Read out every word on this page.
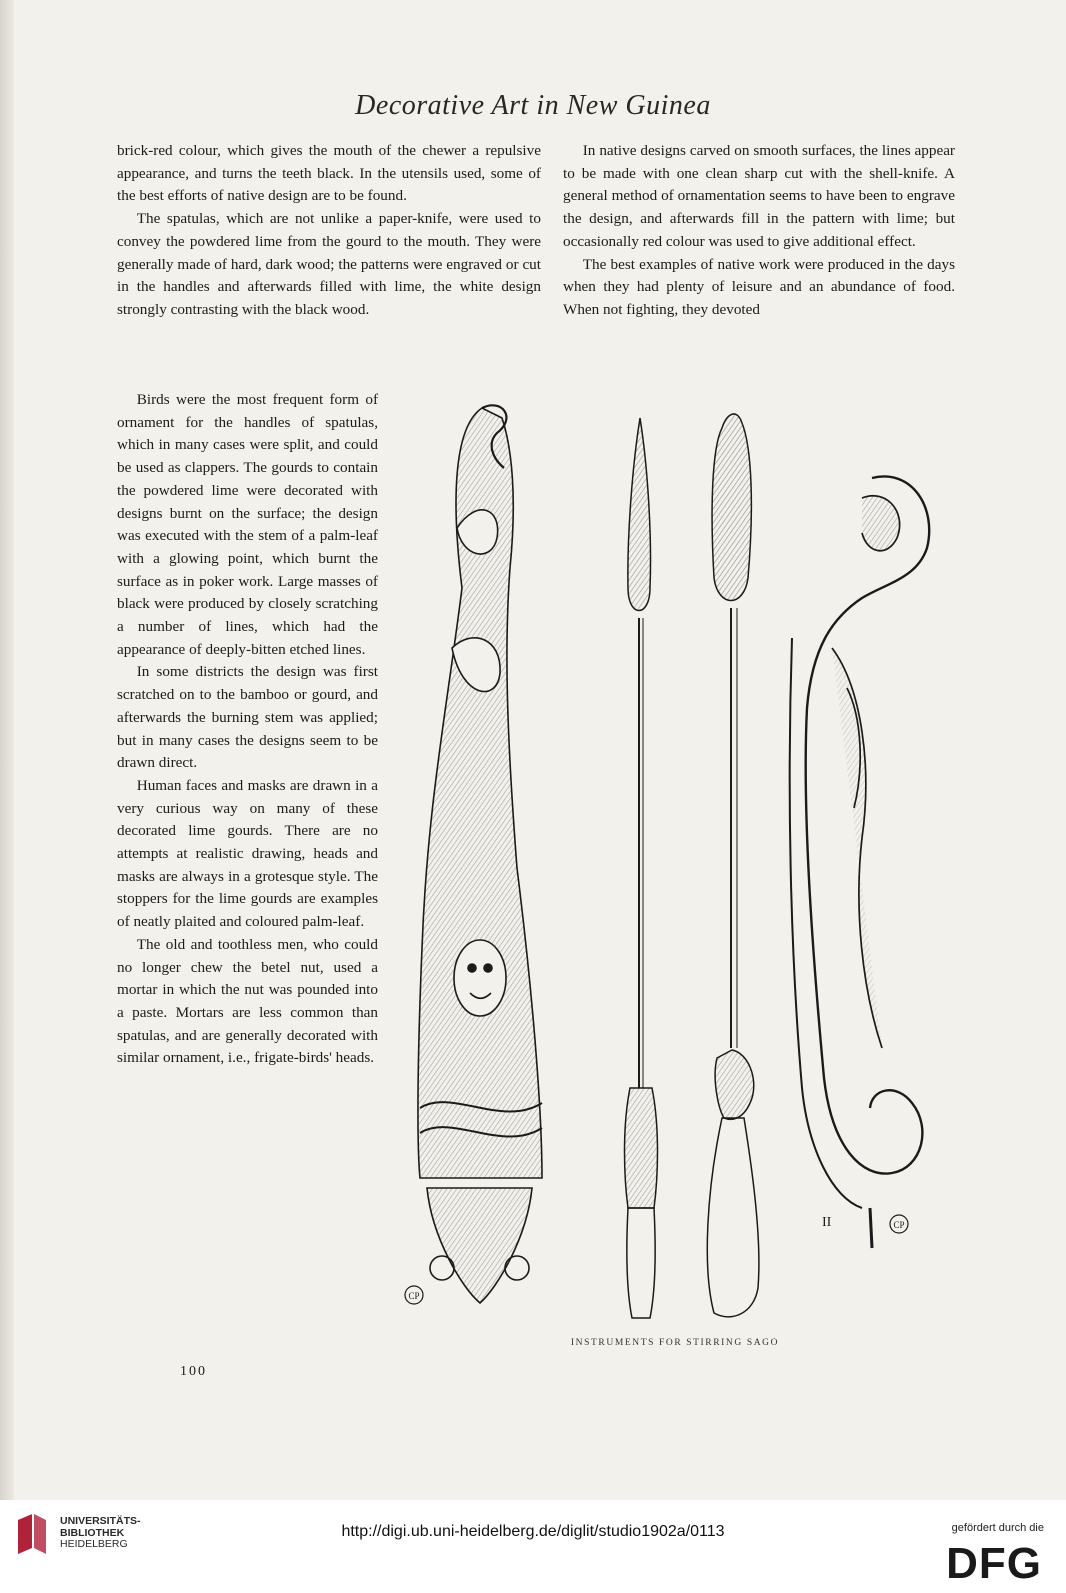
Decorative Art in New Guinea

brick-red colour, which gives the mouth of the chewer a repulsive appearance, and turns the teeth black. In the utensils used, some of the best efforts of native design are to be found.

The spatulas, which are not unlike a paper-knife, were used to convey the powdered lime from the gourd to the mouth. They were generally made of hard, dark wood; the patterns were engraved or cut in the handles and afterwards filled with lime, the white design strongly contrasting with the black wood.

Birds were the most frequent form of ornament for the handles of spatulas, which in many cases were split, and could be used as clappers. The gourds to contain the powdered lime were decorated with designs burnt on the surface; the design was executed with the stem of a palm-leaf with a glowing point, which burnt the surface as in poker work. Large masses of black were produced by closely scratching a number of lines, which had the appearance of deeply-bitten etched lines.

In some districts the design was first scratched on to the bamboo or gourd, and afterwards the burning stem was applied; but in many cases the designs seem to be drawn direct.

Human faces and masks are drawn in a very curious way on many of these decorated lime gourds. There are no attempts at realistic drawing, heads and masks are always in a grotesque style. The stoppers for the lime gourds are examples of neatly plaited and coloured palm-leaf.

The old and toothless men, who could no longer chew the betel nut, used a mortar in which the nut was pounded into a paste. Mortars are less common than spatulas, and are generally decorated with similar ornament, i.e., frigate-birds' heads.

In native designs carved on smooth surfaces, the lines appear to be made with one clean sharp cut with the shell-knife. A general method of ornamentation seems to have been to engrave the design, and afterwards fill in the pattern with lime; but occasionally red colour was used to give additional effect.

The best examples of native work were produced in the days when they had plenty of leisure and an abundance of food. When not fighting, they devoted

CP
CP
II
INSTRUMENTS FOR STIRRING SAGO
100
UNIVERSITÄTS-
BIBLIOTHEK
HEIDELBERG
http://digi.ub.uni-heidelberg.de/diglit/studio1902a/0113	gefördert durch die
DFG
